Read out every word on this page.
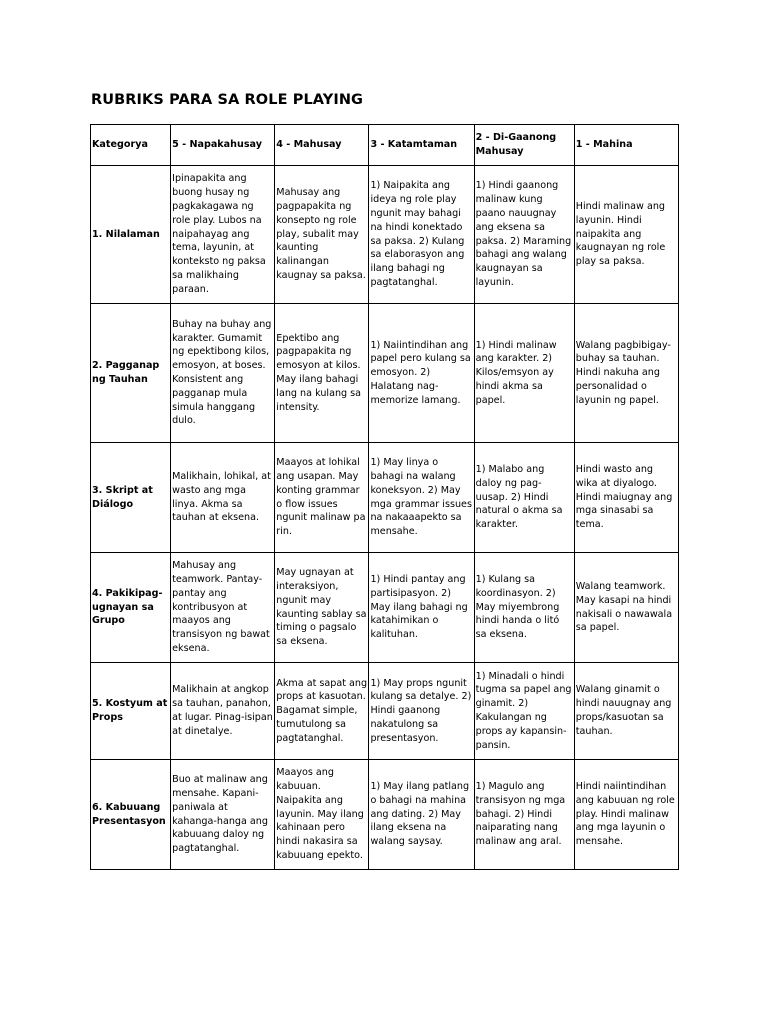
RUBRIKS PARA SA ROLE PLAYING
Kategorya	5 - Napakahusay	4 - Mahusay	3 - Katamtaman	2 - Di-Gaanong Mahusay	1 - Mahina
1. Nilalaman	Ipinapakita ang buong husay ng pagkakagawa ng role play. Lubos na naipahayag ang tema, layunin, at konteksto ng paksa sa malikhaing paraan.	Mahusay ang pagpapakita ng konsepto ng role play, subalit may kaunting kalinangan kaugnay sa paksa.	1) Naipakita ang ideya ng role play ngunit may bahagi na hindi konektado sa paksa. 2) Kulang sa elaborasyon ang ilang bahagi ng pagtatanghal.	1) Hindi gaanong malinaw kung paano nauugnay ang eksena sa paksa. 2) Maraming bahagi ang walang kaugnayan sa layunin.	Hindi malinaw ang layunin. Hindi naipakita ang kaugnayan ng role play sa paksa.
2. Pagganap ng Tauhan	Buhay na buhay ang karakter. Gumamit ng epektibong kilos, emosyon, at boses. Konsistent ang pagganap mula simula hanggang dulo.	Epektibo ang pagpapakita ng emosyon at kilos. May ilang bahagi lang na kulang sa intensity.	1) Naiintindihan ang papel pero kulang sa emosyon. 2) Halatang nag-memorize lamang.	1) Hindi malinaw ang karakter. 2) Kilos/emsyon ay hindi akma sa papel.	Walang pagbibigay-buhay sa tauhan. Hindi nakuha ang personalidad o layunin ng papel.
3. Skript at Diálogo	Malikhain, lohikal, at wasto ang mga linya. Akma sa tauhan at eksena.	Maayos at lohikal ang usapan. May konting grammar o flow issues ngunit malinaw pa rin.	1) May linya o bahagi na walang koneksyon. 2) May mga grammar issues na nakaaapekto sa mensahe.	1) Malabo ang daloy ng pag-uusap. 2) Hindi natural o akma sa karakter.	Hindi wasto ang wika at diyalogo. Hindi maiugnay ang mga sinasabi sa tema.
4. Pakikipag-ugnayan sa Grupo	Mahusay ang teamwork. Pantay-pantay ang kontribusyon at maayos ang transisyon ng bawat eksena.	May ugnayan at interaksiyon, ngunit may kaunting sablay sa timing o pagsalo sa eksena.	1) Hindi pantay ang partisipasyon. 2) May ilang bahagi ng katahimikan o kalituhan.	1) Kulang sa koordinasyon. 2) May miyembrong hindi handa o litó sa eksena.	Walang teamwork. May kasapi na hindi nakisali o nawawala sa papel.
5. Kostyum at Props	Malikhain at angkop sa tauhan, panahon, at lugar. Pinag-isipan at dinetalye.	Akma at sapat ang props at kasuotan. Bagamat simple, tumutulong sa pagtatanghal.	1) May props ngunit kulang sa detalye. 2) Hindi gaanong nakatulong sa presentasyon.	1) Minadali o hindi tugma sa papel ang ginamit. 2) Kakulangan ng props ay kapansin-pansin.	Walang ginamit o hindi nauugnay ang props/kasuotan sa tauhan.
6. Kabuuang Presentasyon	Buo at malinaw ang mensahe. Kapani-paniwala at kahanga-hanga ang kabuuang daloy ng pagtatanghal.	Maayos ang kabuuan. Naipakita ang layunin. May ilang kahinaan pero hindi nakasira sa kabuuang epekto.	1) May ilang patlang o bahagi na mahina ang dating. 2) May ilang eksena na walang saysay.	1) Magulo ang transisyon ng mga bahagi. 2) Hindi naiparating nang malinaw ang aral.	Hindi naiintindihan ang kabuuan ng role play. Hindi malinaw ang mga layunin o mensahe.
